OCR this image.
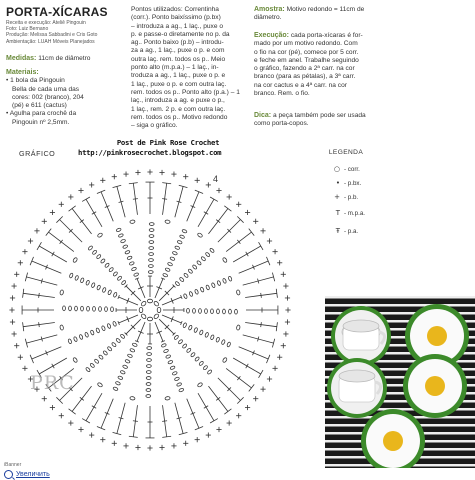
PORTA-XÍCARAS
Receita e execução: Ateliê Pingouin
Foto: Luiz Bernano
Produção: Melissa Sabbadini e Cris Goto
Ambientação: LUAH Móveis Planejados
Medidas: 11cm de diâmetro
Materiais:
• 1 bola da Pingouin
Bella de cada uma das
cores: 002 (branco), 204
(pé) e 611 (cactus)
• Agulha para crochê da
Pingouin nº 2,5mm.
Pontos utilizados: Correntinha
(corr.). Ponto baixíssimo (p.bx)
– introduza a ag., 1 laç., puxe o
p. e passe-o diretamente no p. da
ag.. Ponto baixo (p.b) – introdu-
za a ag., 1 laç., puxe o p. e com
outra laç. rem. todos os p.. Meio
ponto alto (m.p.a.) – 1 laç., in-
troduza a ag., 1 laç., puxe o p. e
1 laç., puxe o p. e com outra laç.
rem. todos os p.. Ponto alto (p.a.) – 1
laç., introduza a ag. e puxe o p.,
1 laç., rem. 2 p. e com outra laç.
rem. todos os p.. Motivo redondo
– siga o gráfico.
Amostra: Motivo redondo = 11cm de diâmetro.
Execução: cada porta-xícaras é for-
mado por um motivo redondo. Com
o fio na cor (pé), comece por 5 corr.
e feche em anel. Trabalhe seguindo
o gráfico, fazendo a 2ª carr. na cor
branco (para as pétalas), a 3ª carr.
na cor cactus e a 4ª carr. na cor
branco. Rem. o fio.
Dica: a peça também pode ser usada como porta-copos.
Post de Pink Rose Crochet
http://pinkrosecrochet.blogspot.com
GRÁFICO
4
PRC
LEGENDA
○ - corr.
• - p.bx.
+ - p.b.
T - m.p.a.
Ŧ - p.a.
iBanner
Увеличить
